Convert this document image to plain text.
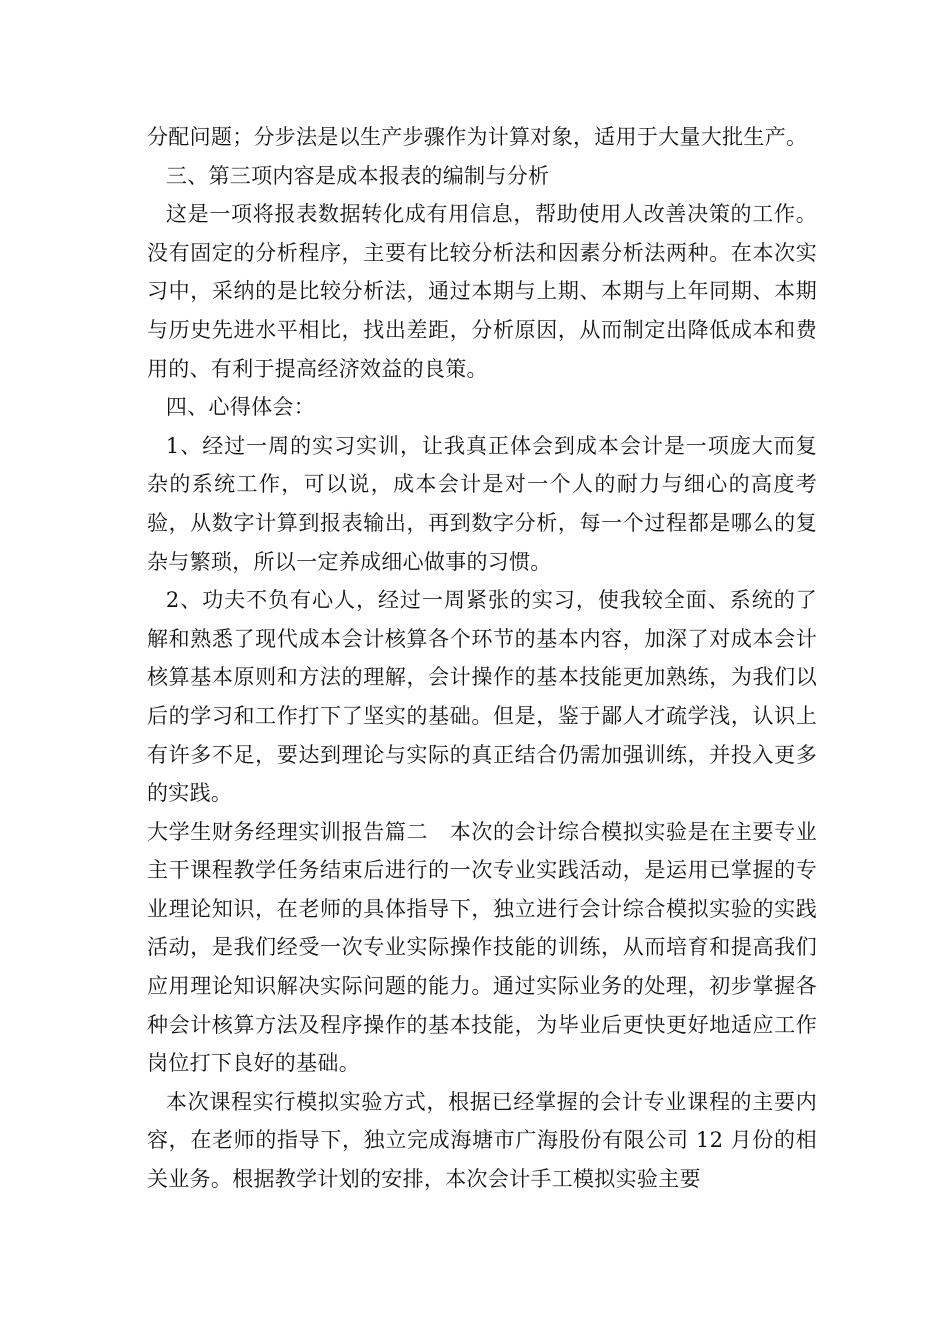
分配问题；分步法是以生产步骤作为计算对象，适用于大量大批生产。

三、第三项内容是成本报表的编制与分析

这是一项将报表数据转化成有用信息，帮助使用人改善决策的工作。没有固定的分析程序，主要有比较分析法和因素分析法两种。在本次实习中，采纳的是比较分析法，通过本期与上期、本期与上年同期、本期与历史先进水平相比，找出差距，分析原因，从而制定出降低成本和费用的、有利于提高经济效益的良策。

四、心得体会：

1、经过一周的实习实训，让我真正体会到成本会计是一项庞大而复杂的系统工作，可以说，成本会计是对一个人的耐力与细心的高度考验，从数字计算到报表输出，再到数字分析，每一个过程都是哪么的复杂与繁琐，所以一定养成细心做事的习惯。

2、功夫不负有心人，经过一周紧张的实习，使我较全面、系统的了解和熟悉了现代成本会计核算各个环节的基本内容，加深了对成本会计核算基本原则和方法的理解，会计操作的基本技能更加熟练，为我们以后的学习和工作打下了坚实的基础。但是，鉴于鄙人才疏学浅，认识上有许多不足，要达到理论与实际的真正结合仍需加强训练，并投入更多的实践。

大学生财务经理实训报告篇二　本次的会计综合模拟实验是在主要专业主干课程教学任务结束后进行的一次专业实践活动，是运用已掌握的专业理论知识，在老师的具体指导下，独立进行会计综合模拟实验的实践活动，是我们经受一次专业实际操作技能的训练，从而培育和提高我们应用理论知识解决实际问题的能力。通过实际业务的处理，初步掌握各种会计核算方法及程序操作的基本技能，为毕业后更快更好地适应工作岗位打下良好的基础。

本次课程实行模拟实验方式，根据已经掌握的会计专业课程的主要内容，在老师的指导下，独立完成海塘市广海股份有限公司 12 月份的相关业务。根据教学计划的安排，本次会计手工模拟实验主要
